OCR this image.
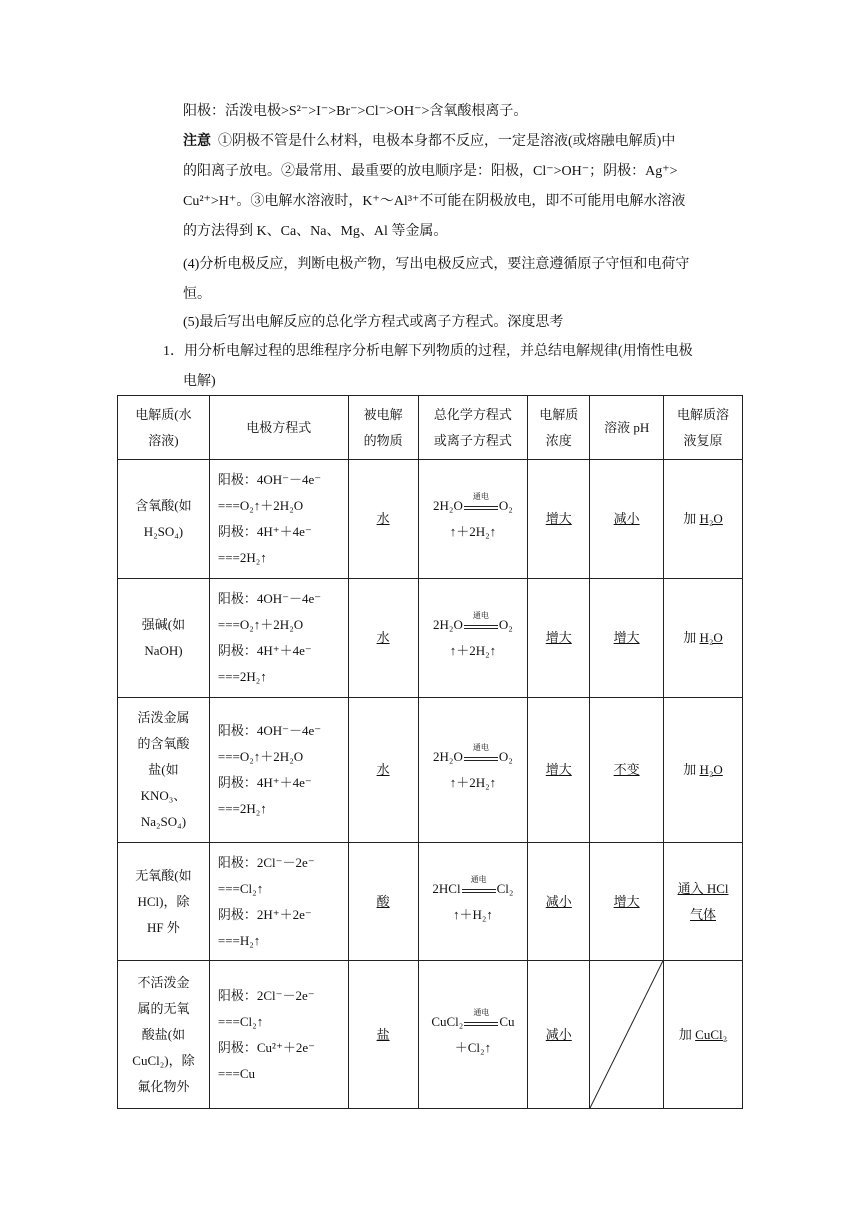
阳极：活泼电极>S²⁻>I⁻>Br⁻>Cl⁻>OH⁻>含氧酸根离子。

注意 ①阴极不管是什么材料，电极本身都不反应，一定是溶液(或熔融电解质)中
的阳离子放电。②最常用、最重要的放电顺序是：阳极，Cl⁻>OH⁻；阴极：Ag⁺>
Cu²⁺>H⁺。③电解水溶液时，K⁺～Al³⁺不可能在阴极放电，即不可能用电解水溶液
的方法得到 K、Ca、Na、Mg、Al 等金属。

(4)分析电极反应，判断电极产物，写出电极反应式，要注意遵循原子守恒和电荷守
恒。

(5)最后写出电解反应的总化学方程式或离子方程式。深度思考

1．用分析电解过程的思维程序分析电解下列物质的过程，并总结电解规律(用惰性电极
电解)

电解质(水
溶液)	电极方程式	被电解
的物质	总化学方程式
或离子方程式	电解质
浓度	溶液 pH	电解质溶
液复原

含氧酸(如
H₂SO₄)	阳极：4OH⁻－4e⁻
===O₂↑＋2H₂O
阴极：4H⁺＋4e⁻
===2H₂↑	水	2H₂O
通电
O₂
↑＋2H₂↑	增大	减小	加 H₂O

强碱(如
NaOH)	阳极：4OH⁻－4e⁻
===O₂↑＋2H₂O
阴极：4H⁺＋4e⁻
===2H₂↑	水	2H₂O
通电
O₂
↑＋2H₂↑	增大	增大	加 H₂O

活泼金属
的含氧酸
盐(如
KNO₃、
Na₂SO₄)	阳极：4OH⁻－4e⁻
===O₂↑＋2H₂O
阴极：4H⁺＋4e⁻
===2H₂↑	水	2H₂O
通电
O₂
↑＋2H₂↑	增大	不变	加 H₂O

无氧酸(如
HCl)，除
HF 外	阳极：2Cl⁻－2e⁻
===Cl₂↑
阴极：2H⁺＋2e⁻
===H₂↑	酸	2HCl
通电
Cl₂
↑＋H₂↑	减小	增大	通入 HCl
气体

不活泼金
属的无氧
酸盐(如
CuCl₂)，除
氟化物外	阳极：2Cl⁻－2e⁻
===Cl₂↑
阴极：Cu²⁺＋2e⁻
===Cu	盐	CuCl₂
通电
Cu
＋Cl₂↑	减小		加 CuCl₂
